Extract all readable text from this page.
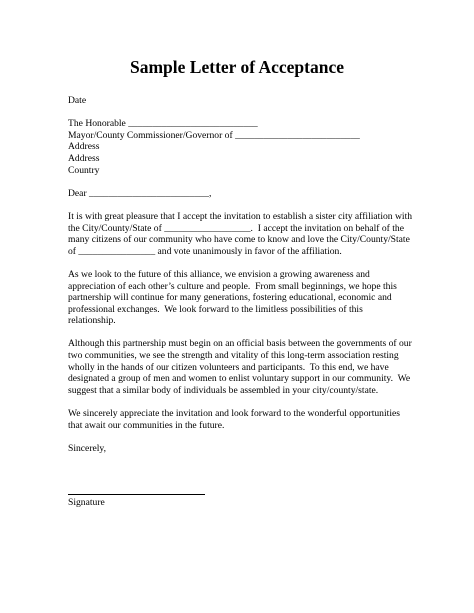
Sample Letter of Acceptance
Date
The Honorable ___________________________
Mayor/County Commissioner/Governor of __________________________
Address
Address
Country
Dear _________________________,
It is with great pleasure that I accept the invitation to establish a sister city affiliation with
the City/County/State of __________________.  I accept the invitation on behalf of the
many citizens of our community who have come to know and love the City/County/State
of ________________ and vote unanimously in favor of the affiliation.
As we look to the future of this alliance, we envision a growing awareness and
appreciation of each other’s culture and people.  From small beginnings, we hope this
partnership will continue for many generations, fostering educational, economic and
professional exchanges.  We look forward to the limitless possibilities of this
relationship.
Although this partnership must begin on an official basis between the governments of our
two communities, we see the strength and vitality of this long-term association resting
wholly in the hands of our citizen volunteers and participants.  To this end, we have
designated a group of men and women to enlist voluntary support in our community.  We
suggest that a similar body of individuals be assembled in your city/county/state.
We sincerely appreciate the invitation and look forward to the wonderful opportunities
that await our communities in the future.
Sincerely,
Signature
